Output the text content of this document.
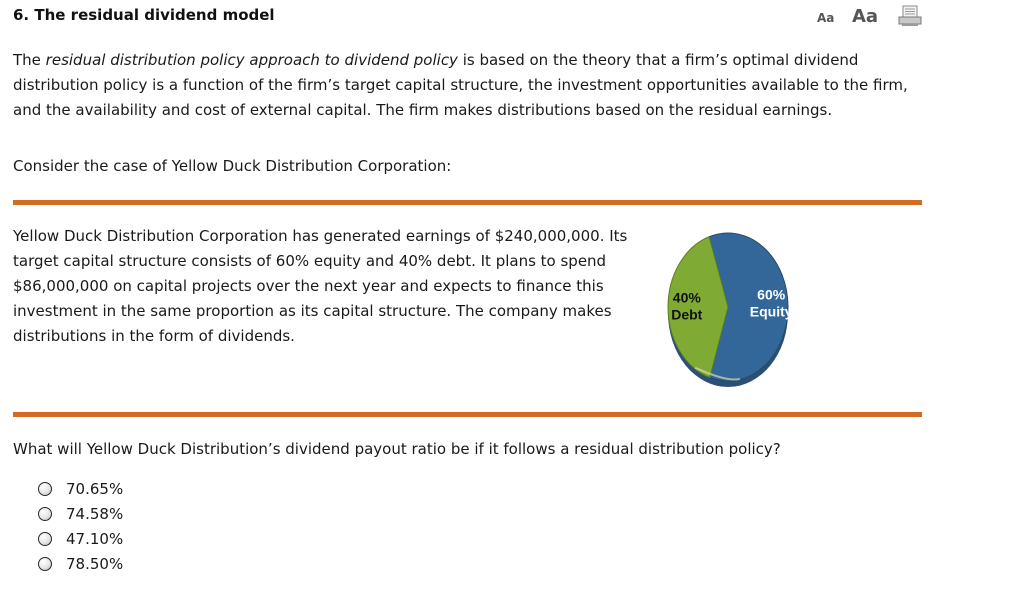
6. The residual dividend model	Aa Aa

The residual distribution policy approach to dividend policy is based on the theory that a firm’s optimal dividend distribution policy is a function of the firm’s target capital structure, the investment opportunities available to the firm, and the availability and cost of external capital. The firm makes distributions based on the residual earnings.

Consider the case of Yellow Duck Distribution Corporation:

Yellow Duck Distribution Corporation has generated earnings of $240,000,000. Its target capital structure consists of 60% equity and 40% debt. It plans to spend $86,000,000 on capital projects over the next year and expects to finance this investment in the same proportion as its capital structure. The company makes distributions in the form of dividends.

60%
Equity
40%
Debt

What will Yellow Duck Distribution’s dividend payout ratio be if it follows a residual distribution policy?

70.65%
74.58%
47.10%
78.50%
